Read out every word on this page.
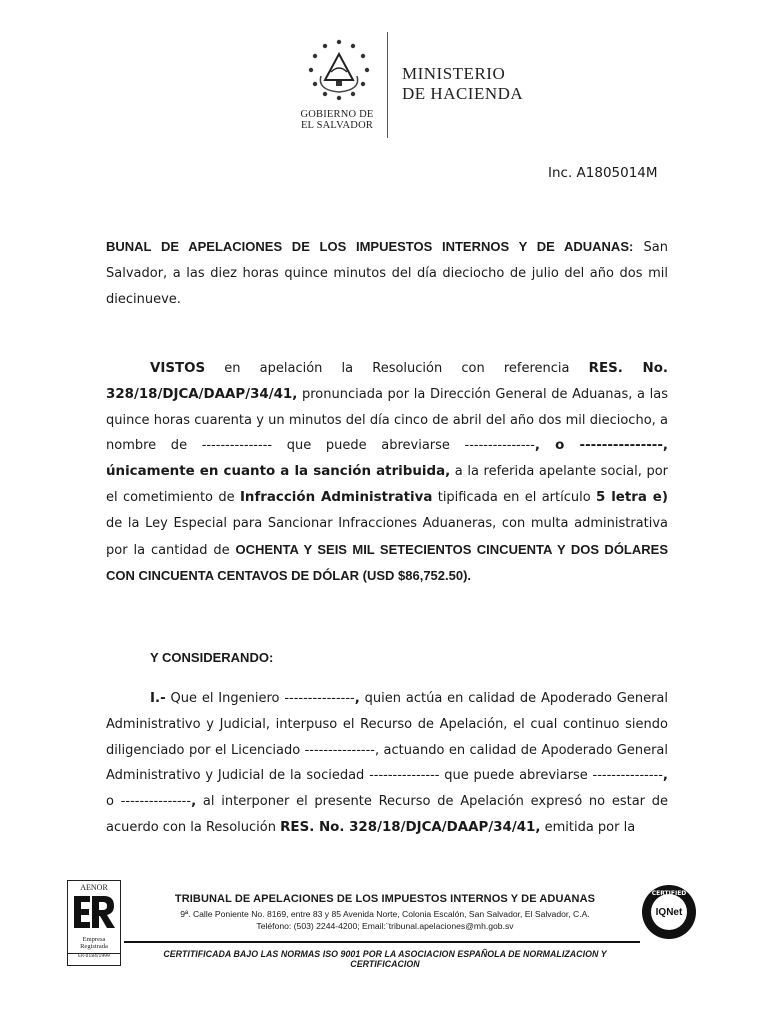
GOBIERNO DE
EL SALVADOR
MINISTERIO
DE HACIENDA
Inc. A1805014M
BUNAL DE APELACIONES DE LOS IMPUESTOS INTERNOS Y DE ADUANAS: San Salvador, a las diez horas quince minutos del día dieciocho de julio del año dos mil diecinueve.
VISTOS en apelación la Resolución con referencia RES. No. 328/18/DJCA/DAAP/34/41, pronunciada por la Dirección General de Aduanas, a las quince horas cuarenta y un minutos del día cinco de abril del año dos mil dieciocho, a nombre de --------------- que puede abreviarse ---------------, o ---------------, únicamente en cuanto a la sanción atribuida, a la referida apelante social, por el cometimiento de Infracción Administrativa tipificada en el artículo 5 letra e) de la Ley Especial para Sancionar Infracciones Aduaneras, con multa administrativa por la cantidad de OCHENTA Y SEIS MIL SETECIENTOS CINCUENTA Y DOS DÓLARES CON CINCUENTA CENTAVOS DE DÓLAR (USD $86,752.50).
Y CONSIDERANDO:
I.- Que el Ingeniero ---------------, quien actúa en calidad de Apoderado General Administrativo y Judicial, interpuso el Recurso de Apelación, el cual continuo siendo diligenciado por el Licenciado ---------------, actuando en calidad de Apoderado General Administrativo y Judicial de la sociedad --------------- que puede abreviarse ---------------, o ---------------, al interponer el presente Recurso de Apelación expresó no estar de acuerdo con la Resolución RES. No. 328/18/DJCA/DAAP/34/41, emitida por la
AENOR
Empresa
Registrada
ER-0184/1999
TRIBUNAL DE APELACIONES DE LOS IMPUESTOS INTERNOS Y DE ADUANAS
9ª. Calle Poniente No. 8169, entre 83 y 85 Avenida Norte, Colonia Escalón, San Salvador, El Salvador, C.A.
Teléfono: (503) 2244-4200; Email:¨tribunal.apelaciones@mh.gob.sv
CERTITIFICADA BAJO LAS NORMAS ISO 9001 POR LA ASOCIACION ESPAÑOLA DE NORMALIZACION Y CERTIFICACION
CERTIFIED
IQNet
